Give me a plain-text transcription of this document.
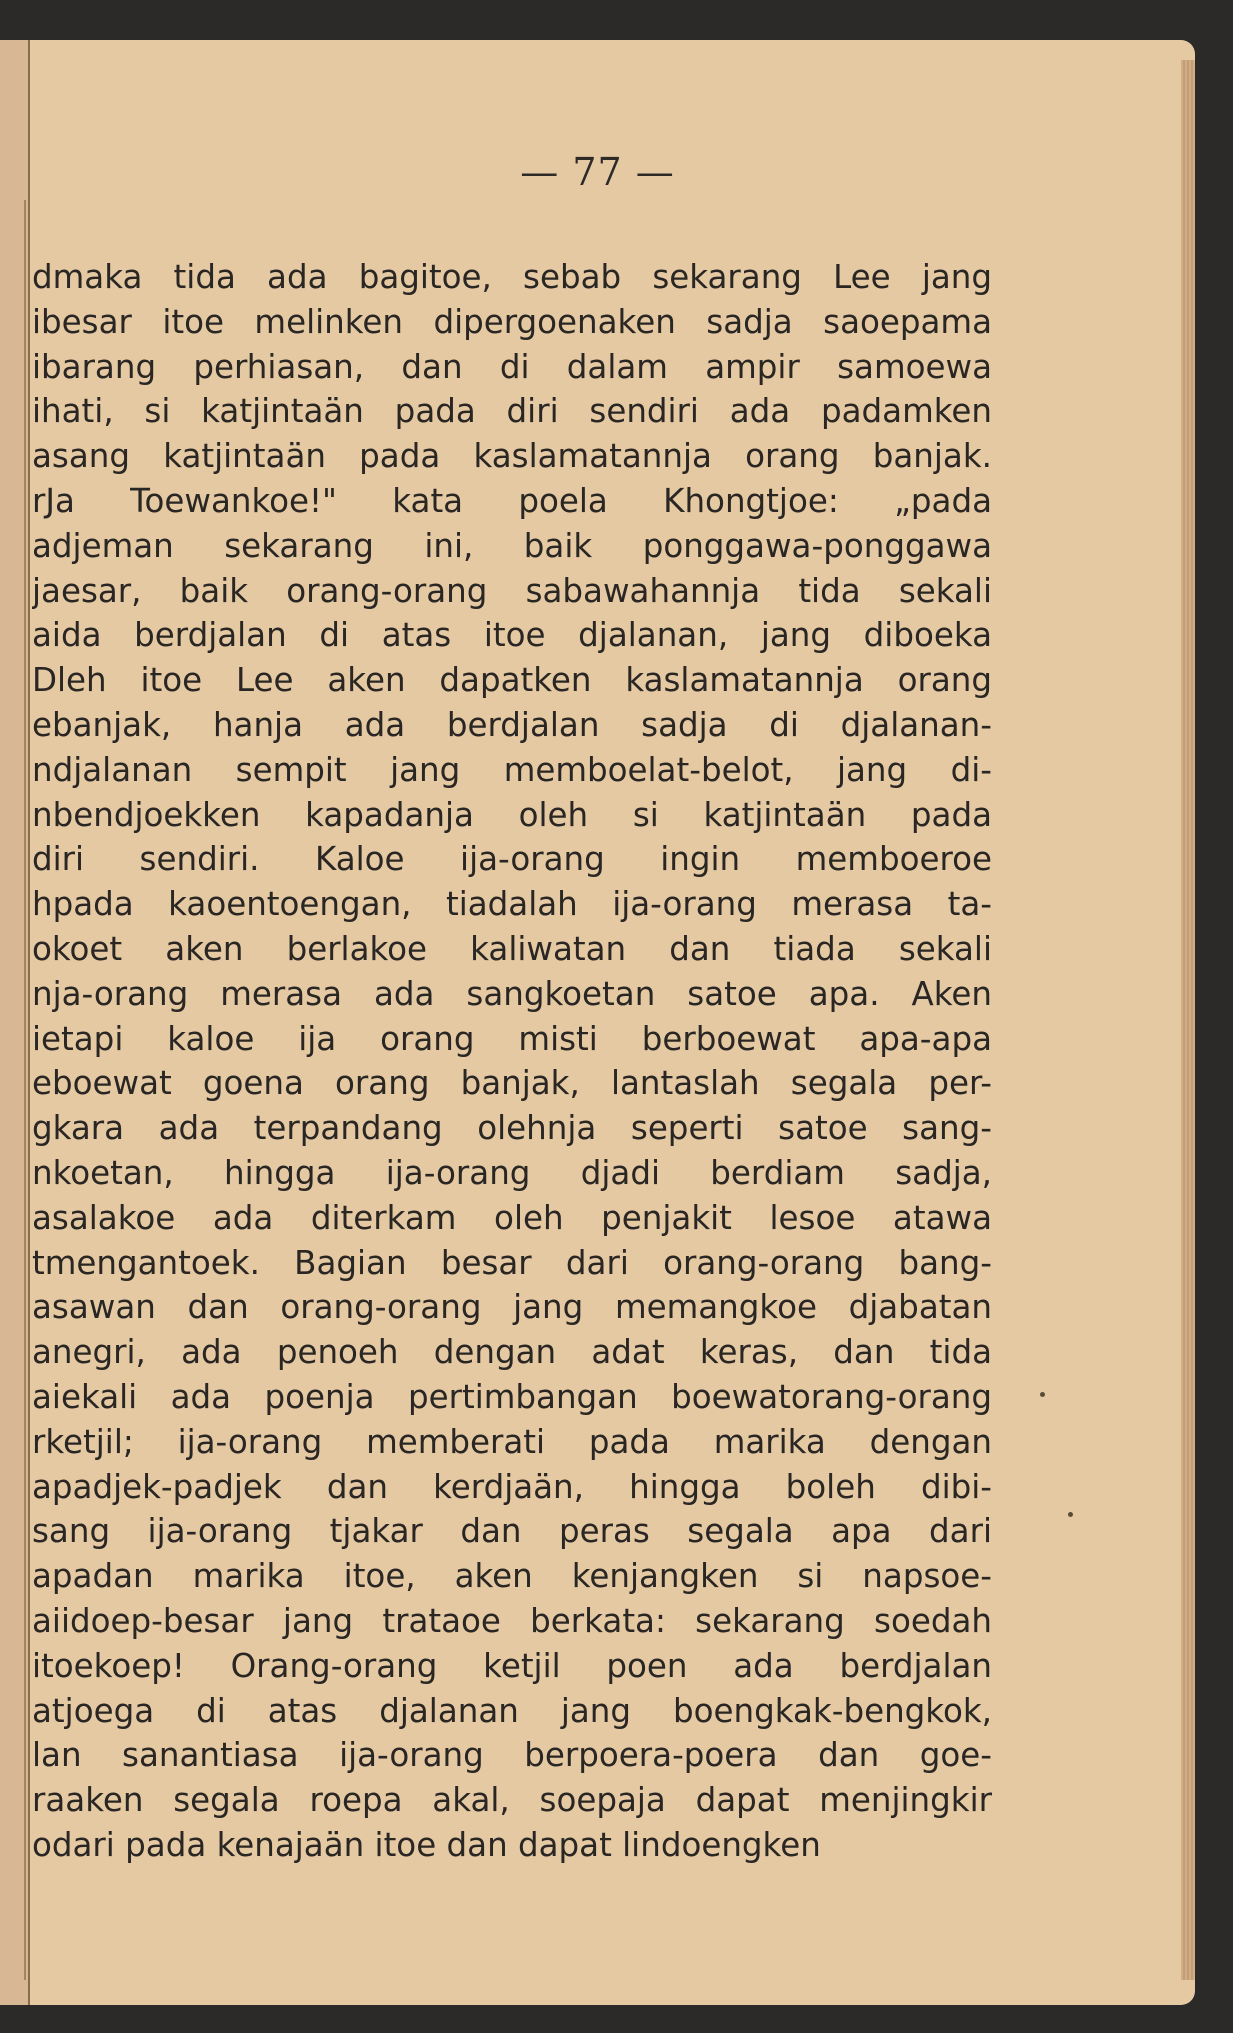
— 77 —
dmaka tida ada bagitoe, sebab sekarang Lee jang
ibesar itoe melinken dipergoenaken sadja saoepama
ibarang perhiasan, dan di dalam ampir samoewa
ihati, si katjintaän pada diri sendiri ada padamken
asang katjintaän pada kaslamatannja orang banjak.
rJa Toewankoe!" kata poela Khongtjoe: „pada
adjeman sekarang ini, baik ponggawa-ponggawa
jaesar, baik orang-orang sabawahannja tida sekali
aida berdjalan di atas itoe djalanan, jang diboeka
Dleh itoe Lee aken dapatken kaslamatannja orang
ebanjak, hanja ada berdjalan sadja di djalanan-
ndjalanan sempit jang memboelat-belot, jang di-
nbendjoekken kapadanja oleh si katjintaän pada
diri sendiri. Kaloe ija-orang ingin memboeroe
hpada kaoentoengan, tiadalah ija-orang merasa ta-
okoet aken berlakoe kaliwatan dan tiada sekali
nja-orang merasa ada sangkoetan satoe apa. Aken
ietapi kaloe ija orang misti berboewat apa-apa
eboewat goena orang banjak, lantaslah segala per-
gkara ada terpandang olehnja seperti satoe sang-
nkoetan, hingga ija-orang djadi berdiam sadja,
asalakoe ada diterkam oleh penjakit lesoe atawa
tmengantoek. Bagian besar dari orang-orang bang-
asawan dan orang-orang jang memangkoe djabatan
anegri, ada penoeh dengan adat keras, dan tida
aiekali ada poenja pertimbangan boewatorang-orang
rketjil; ija-orang memberati pada marika dengan
apadjek-padjek dan kerdjaän, hingga boleh dibi-
sang ija-orang tjakar dan peras segala apa dari
apadan marika itoe, aken kenjangken si napsoe-
aiidoep-besar jang trataoe berkata: sekarang soedah
itoekoep! Orang-orang ketjil poen ada berdjalan
atjoega di atas djalanan jang boengkak-bengkok,
lan sanantiasa ija-orang berpoera-poera dan goe-
raaken segala roepa akal, soepaja dapat menjingkir
odari pada kenajaän itoe dan dapat lindoengken
